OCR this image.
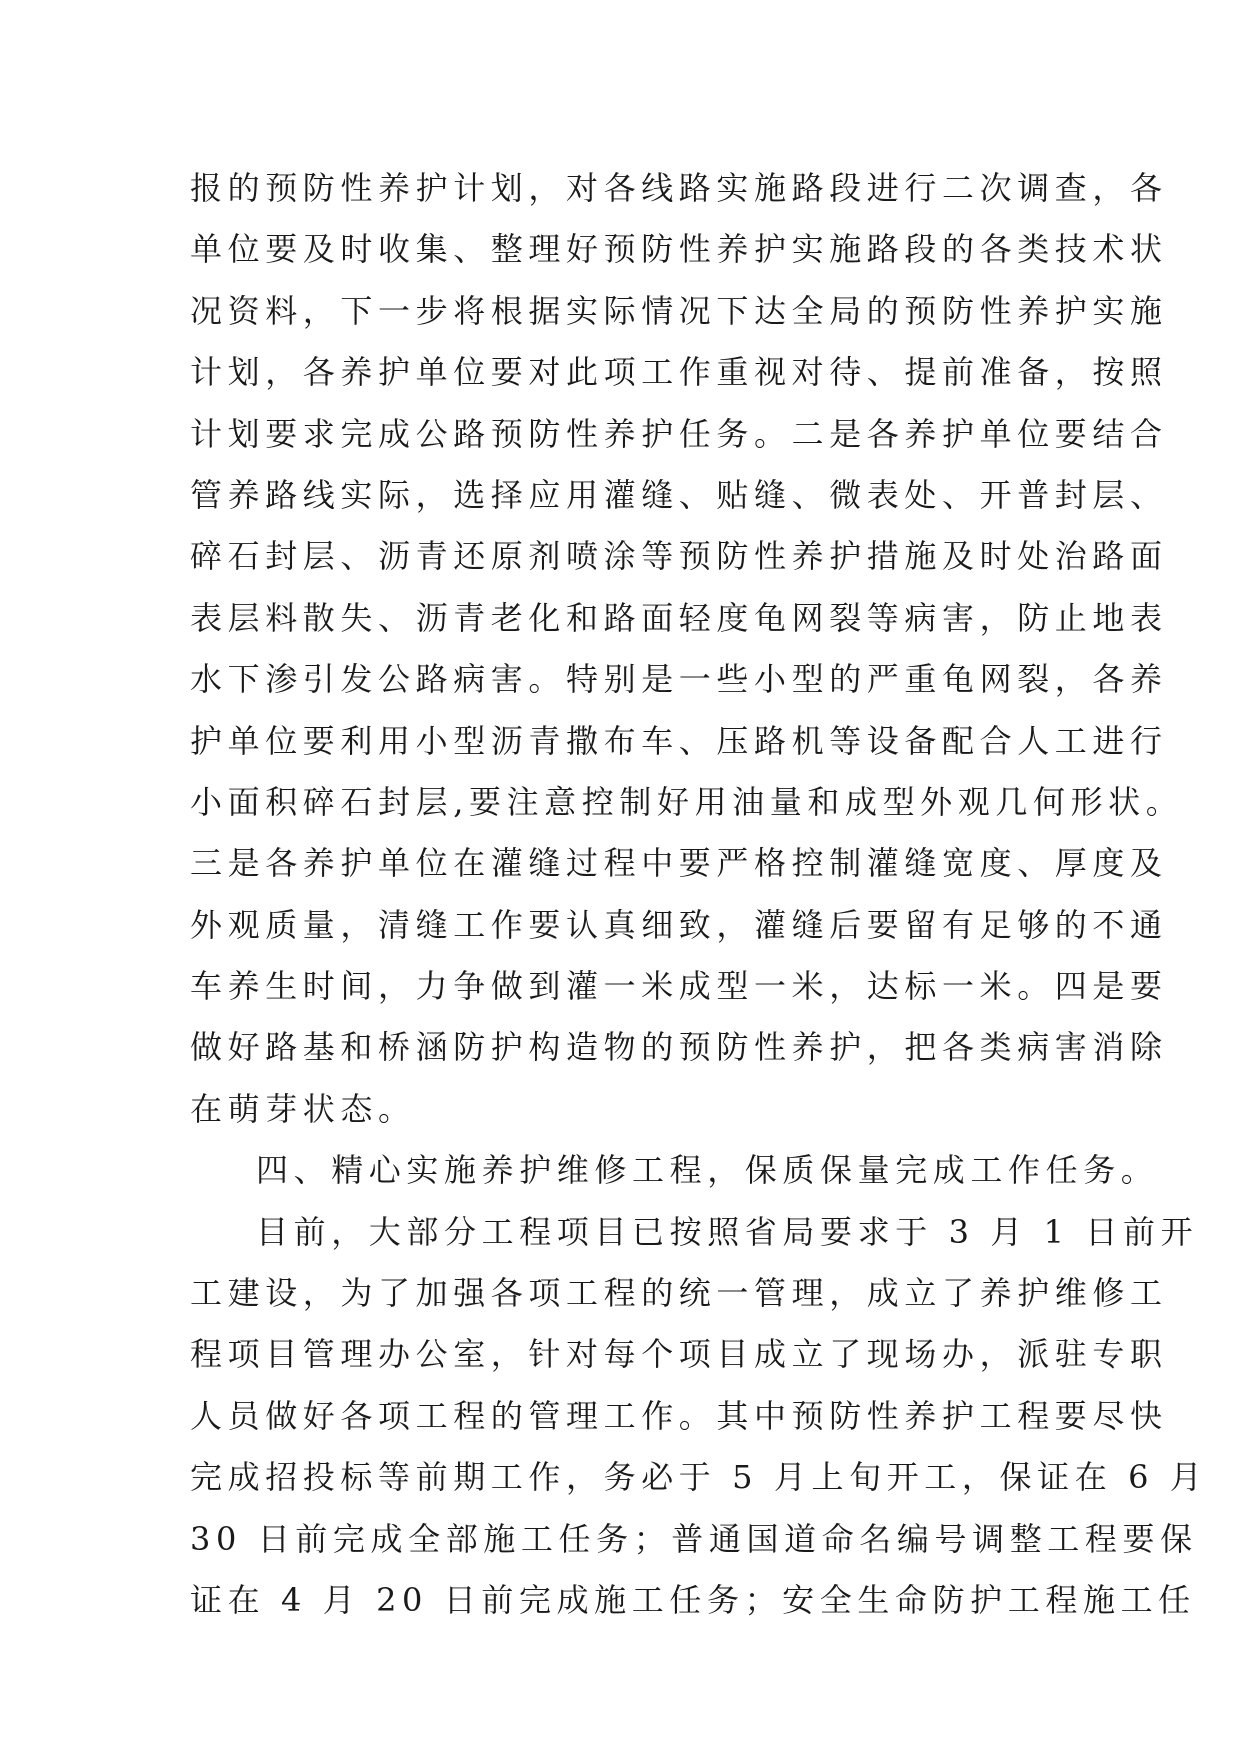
报的预防性养护计划，对各线路实施路段进行二次调查，各
单位要及时收集、整理好预防性养护实施路段的各类技术状
况资料，下一步将根据实际情况下达全局的预防性养护实施
计划，各养护单位要对此项工作重视对待、提前准备，按照
计划要求完成公路预防性养护任务。二是各养护单位要结合
管养路线实际，选择应用灌缝、贴缝、微表处、开普封层、
碎石封层、沥青还原剂喷涂等预防性养护措施及时处治路面
表层料散失、沥青老化和路面轻度龟网裂等病害，防止地表
水下渗引发公路病害。特别是一些小型的严重龟网裂，各养
护单位要利用小型沥青撒布车、压路机等设备配合人工进行
小面积碎石封层,要注意控制好用油量和成型外观几何形状。
三是各养护单位在灌缝过程中要严格控制灌缝宽度、厚度及
外观质量，清缝工作要认真细致，灌缝后要留有足够的不通
车养生时间，力争做到灌一米成型一米，达标一米。四是要
做好路基和桥涵防护构造物的预防性养护，把各类病害消除
在萌芽状态。
四、精心实施养护维修工程，保质保量完成工作任务。
目前，大部分工程项目已按照省局要求于 3 月 1 日前开
工建设，为了加强各项工程的统一管理，成立了养护维修工
程项目管理办公室，针对每个项目成立了现场办，派驻专职
人员做好各项工程的管理工作。其中预防性养护工程要尽快
完成招投标等前期工作，务必于 5 月上旬开工，保证在 6 月
30 日前完成全部施工任务；普通国道命名编号调整工程要保
证在 4 月 20 日前完成施工任务；安全生命防护工程施工任
